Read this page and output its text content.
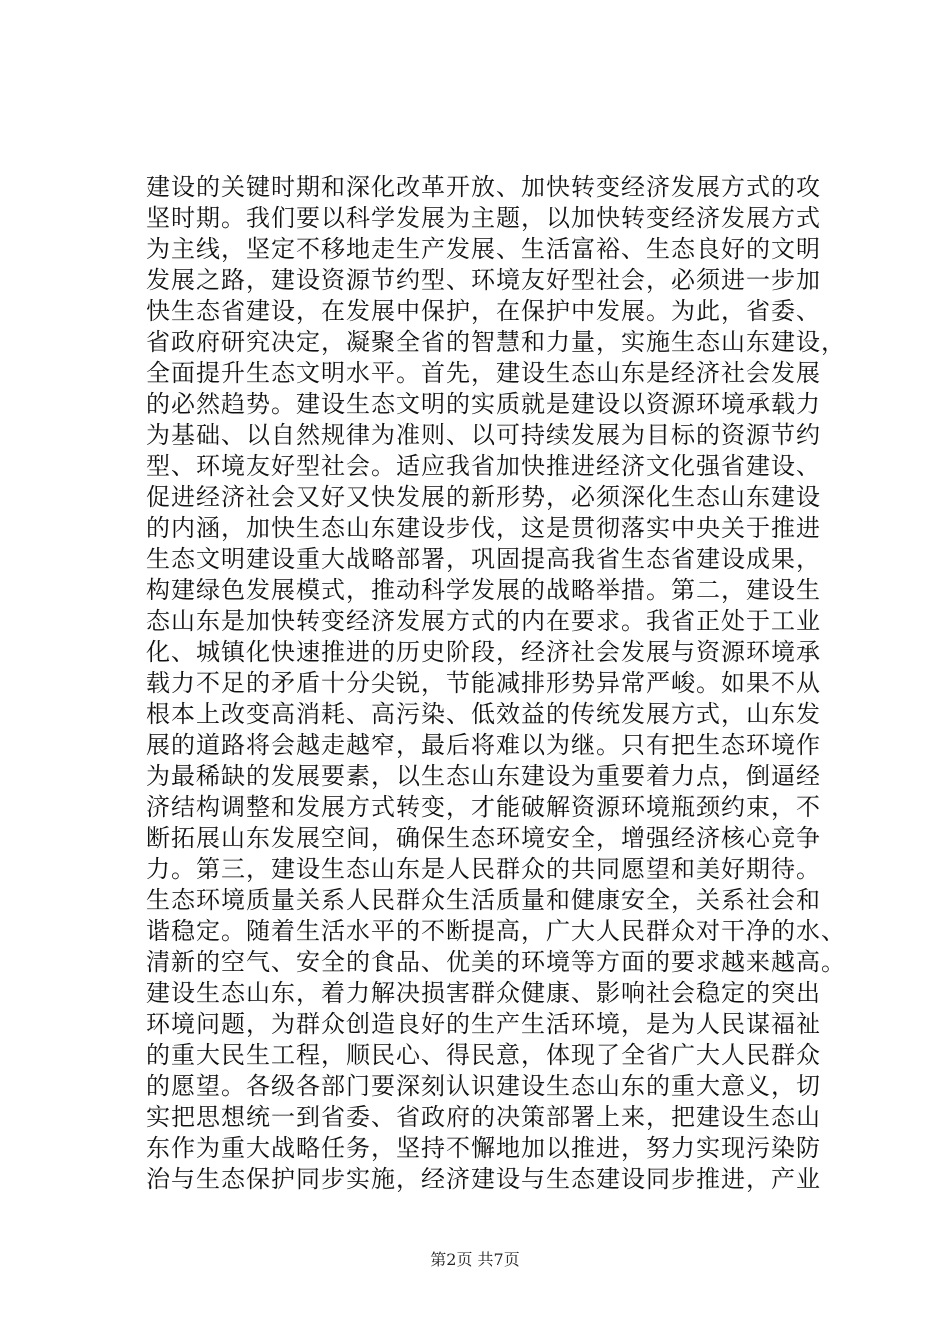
建设的关键时期和深化改革开放、加快转变经济发展方式的攻
坚时期。我们要以科学发展为主题，以加快转变经济发展方式
为主线，坚定不移地走生产发展、生活富裕、生态良好的文明
发展之路，建设资源节约型、环境友好型社会，必须进一步加
快生态省建设，在发展中保护，在保护中发展。为此，省委、
省政府研究决定，凝聚全省的智慧和力量，实施生态山东建设，
全面提升生态文明水平。首先，建设生态山东是经济社会发展
的必然趋势。建设生态文明的实质就是建设以资源环境承载力
为基础、以自然规律为准则、以可持续发展为目标的资源节约
型、环境友好型社会。适应我省加快推进经济文化强省建设、
促进经济社会又好又快发展的新形势，必须深化生态山东建设
的内涵，加快生态山东建设步伐，这是贯彻落实中央关于推进
生态文明建设重大战略部署，巩固提高我省生态省建设成果，
构建绿色发展模式，推动科学发展的战略举措。第二，建设生
态山东是加快转变经济发展方式的内在要求。我省正处于工业
化、城镇化快速推进的历史阶段，经济社会发展与资源环境承
载力不足的矛盾十分尖锐，节能减排形势异常严峻。如果不从
根本上改变高消耗、高污染、低效益的传统发展方式，山东发
展的道路将会越走越窄，最后将难以为继。只有把生态环境作
为最稀缺的发展要素，以生态山东建设为重要着力点，倒逼经
济结构调整和发展方式转变，才能破解资源环境瓶颈约束，不
断拓展山东发展空间，确保生态环境安全，增强经济核心竞争
力。第三，建设生态山东是人民群众的共同愿望和美好期待。
生态环境质量关系人民群众生活质量和健康安全，关系社会和
谐稳定。随着生活水平的不断提高，广大人民群众对干净的水、
清新的空气、安全的食品、优美的环境等方面的要求越来越高。
建设生态山东，着力解决损害群众健康、影响社会稳定的突出
环境问题，为群众创造良好的生产生活环境，是为人民谋福祉
的重大民生工程，顺民心、得民意，体现了全省广大人民群众
的愿望。各级各部门要深刻认识建设生态山东的重大意义，切
实把思想统一到省委、省政府的决策部署上来，把建设生态山
东作为重大战略任务，坚持不懈地加以推进，努力实现污染防
治与生态保护同步实施，经济建设与生态建设同步推进，产业
第2页 共7页
